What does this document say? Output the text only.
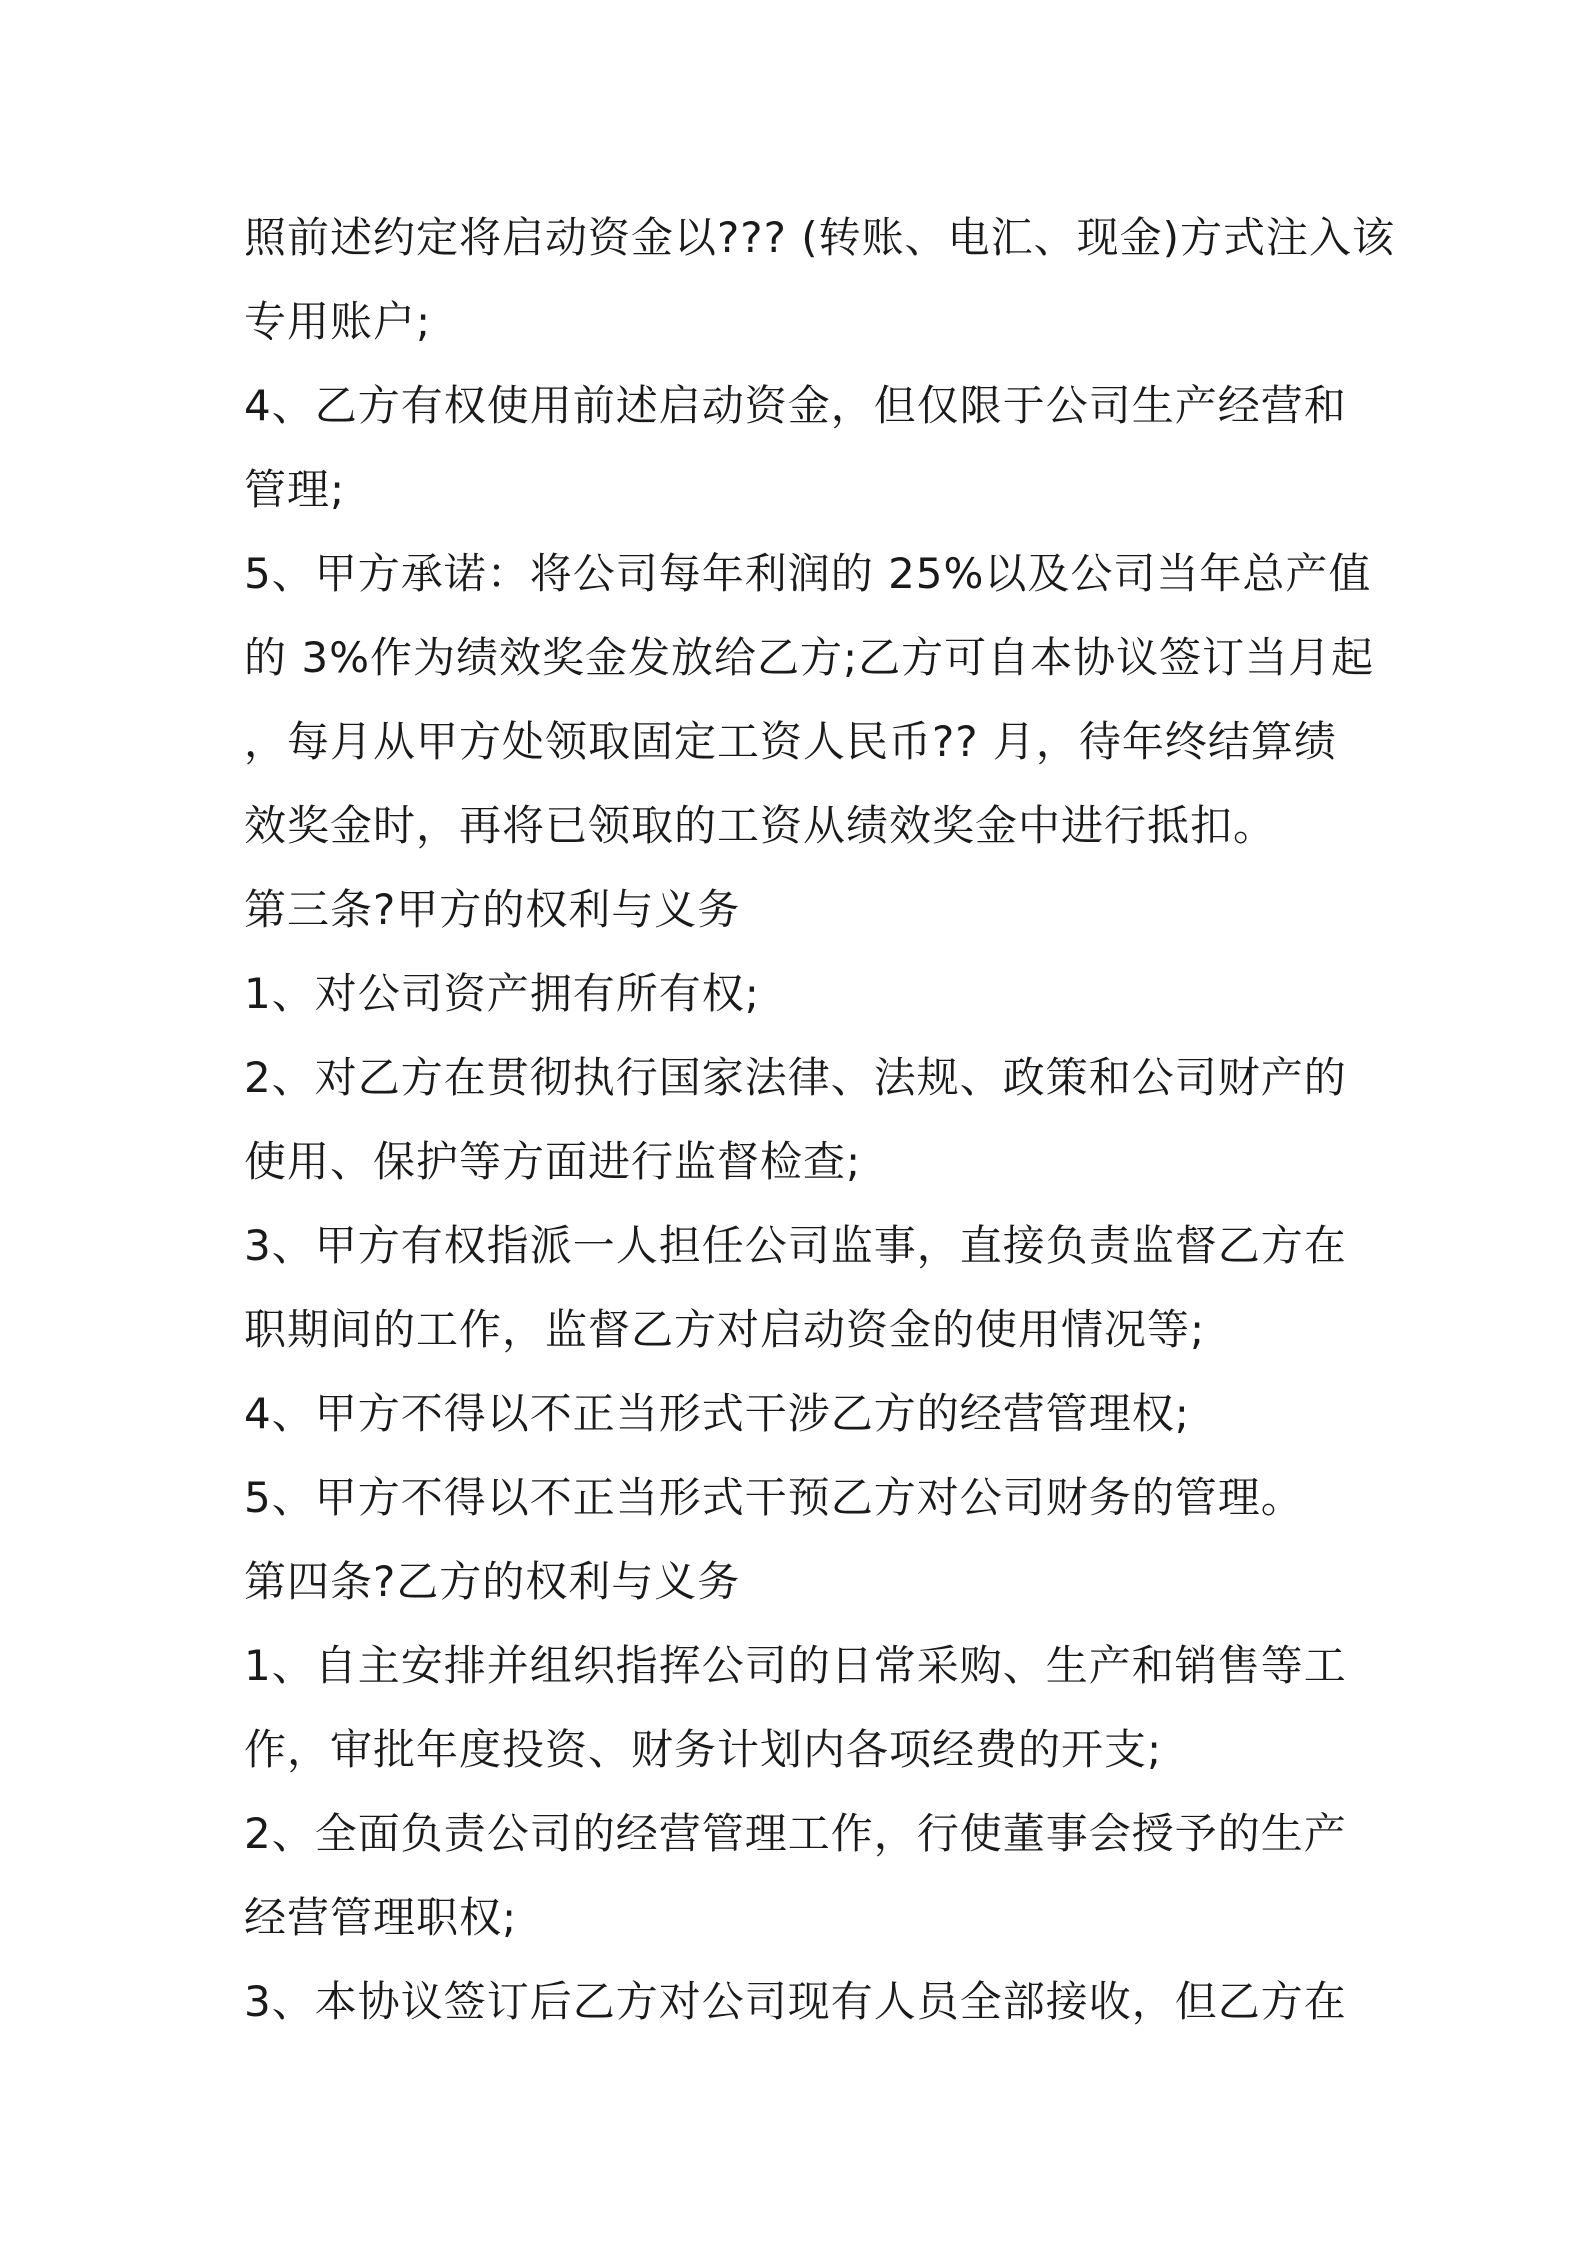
照前述约定将启动资金以??? (转账、电汇、现金)方式注入该
专用账户;
4、乙方有权使用前述启动资金，但仅限于公司生产经营和
管理;
5、甲方承诺：将公司每年利润的 25%以及公司当年总产值
的 3%作为绩效奖金发放给乙方;乙方可自本协议签订当月起
，每月从甲方处领取固定工资人民币?? 月，待年终结算绩
效奖金时，再将已领取的工资从绩效奖金中进行抵扣。
第三条?甲方的权利与义务
1、对公司资产拥有所有权;
2、对乙方在贯彻执行国家法律、法规、政策和公司财产的
使用、保护等方面进行监督检查;
3、甲方有权指派一人担任公司监事，直接负责监督乙方在
职期间的工作，监督乙方对启动资金的使用情况等;
4、甲方不得以不正当形式干涉乙方的经营管理权;
5、甲方不得以不正当形式干预乙方对公司财务的管理。
第四条?乙方的权利与义务
1、自主安排并组织指挥公司的日常采购、生产和销售等工
作，审批年度投资、财务计划内各项经费的开支;
2、全面负责公司的经营管理工作，行使董事会授予的生产
经营管理职权;
3、本协议签订后乙方对公司现有人员全部接收，但乙方在
